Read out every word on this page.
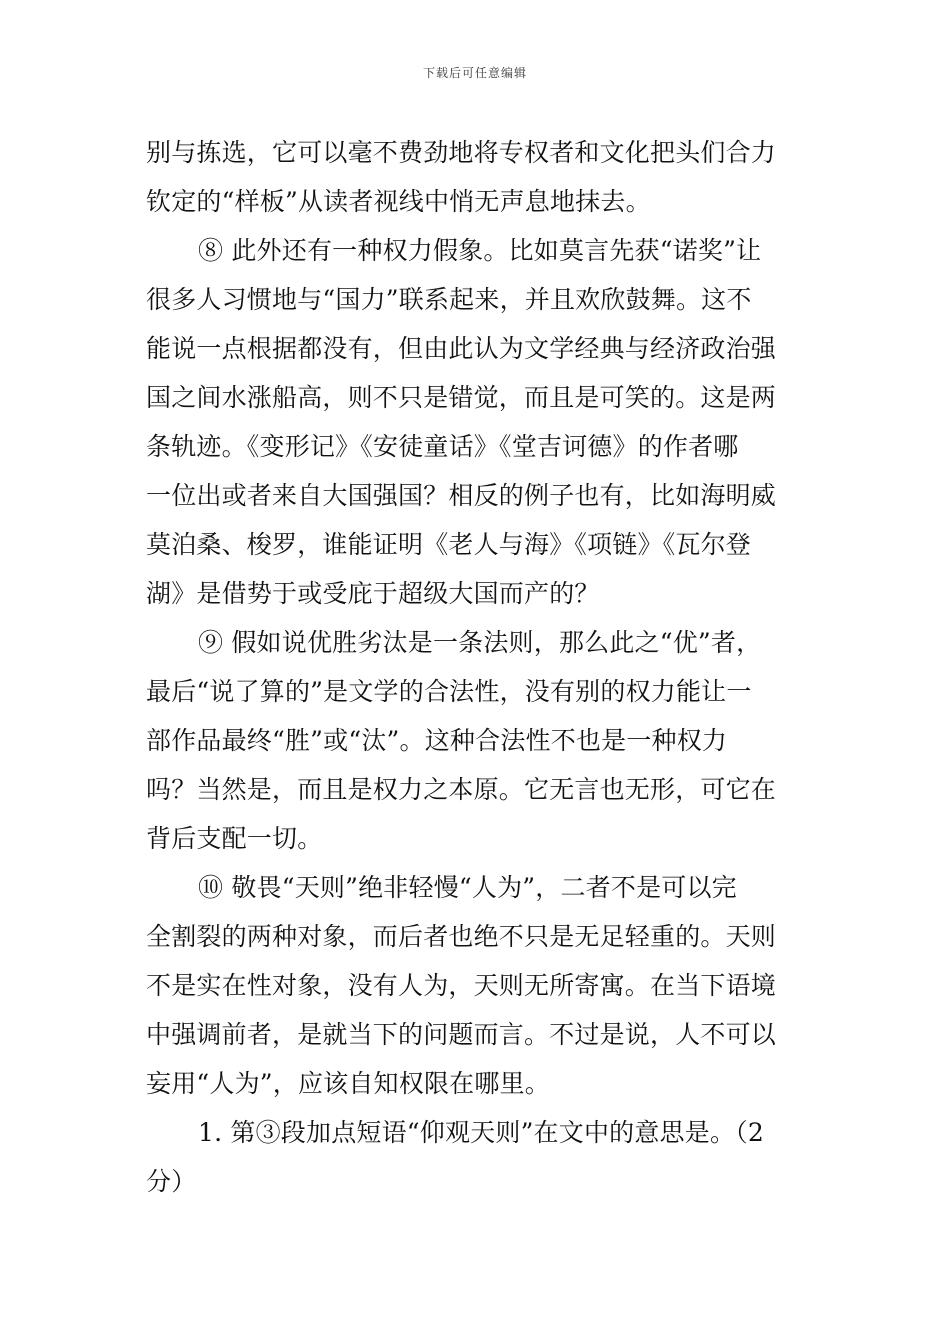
下载后可任意编辑
别与拣选，它可以毫不费劲地将专权者和文化把头们合力
钦定的“样板”从读者视线中悄无声息地抹去。
⑧ 此外还有一种权力假象。比如莫言先获“诺奖”让
很多人习惯地与“国力”联系起来，并且欢欣鼓舞。这不
能说一点根据都没有，但由此认为文学经典与经济政治强
国之间水涨船高，则不只是错觉，而且是可笑的。这是两
条轨迹。《变形记》《安徒童话》《堂吉诃德》的作者哪
一位出或者来自大国强国？相反的例子也有，比如海明威
莫泊桑、梭罗，谁能证明《老人与海》《项链》《瓦尔登
湖》是借势于或受庇于超级大国而产的？
⑨ 假如说优胜劣汰是一条法则，那么此之“优”者，
最后“说了算的”是文学的合法性，没有别的权力能让一
部作品最终“胜”或“汰”。这种合法性不也是一种权力
吗？当然是，而且是权力之本原。它无言也无形，可它在
背后支配一切。
⑩ 敬畏“天则”绝非轻慢“人为”，二者不是可以完
全割裂的两种对象，而后者也绝不只是无足轻重的。天则
不是实在性对象，没有人为，天则无所寄寓。在当下语境
中强调前者，是就当下的问题而言。不过是说，人不可以
妄用“人为”，应该自知权限在哪里。
1. 第③段加点短语“仰观天则”在文中的意思是。（2
分）
